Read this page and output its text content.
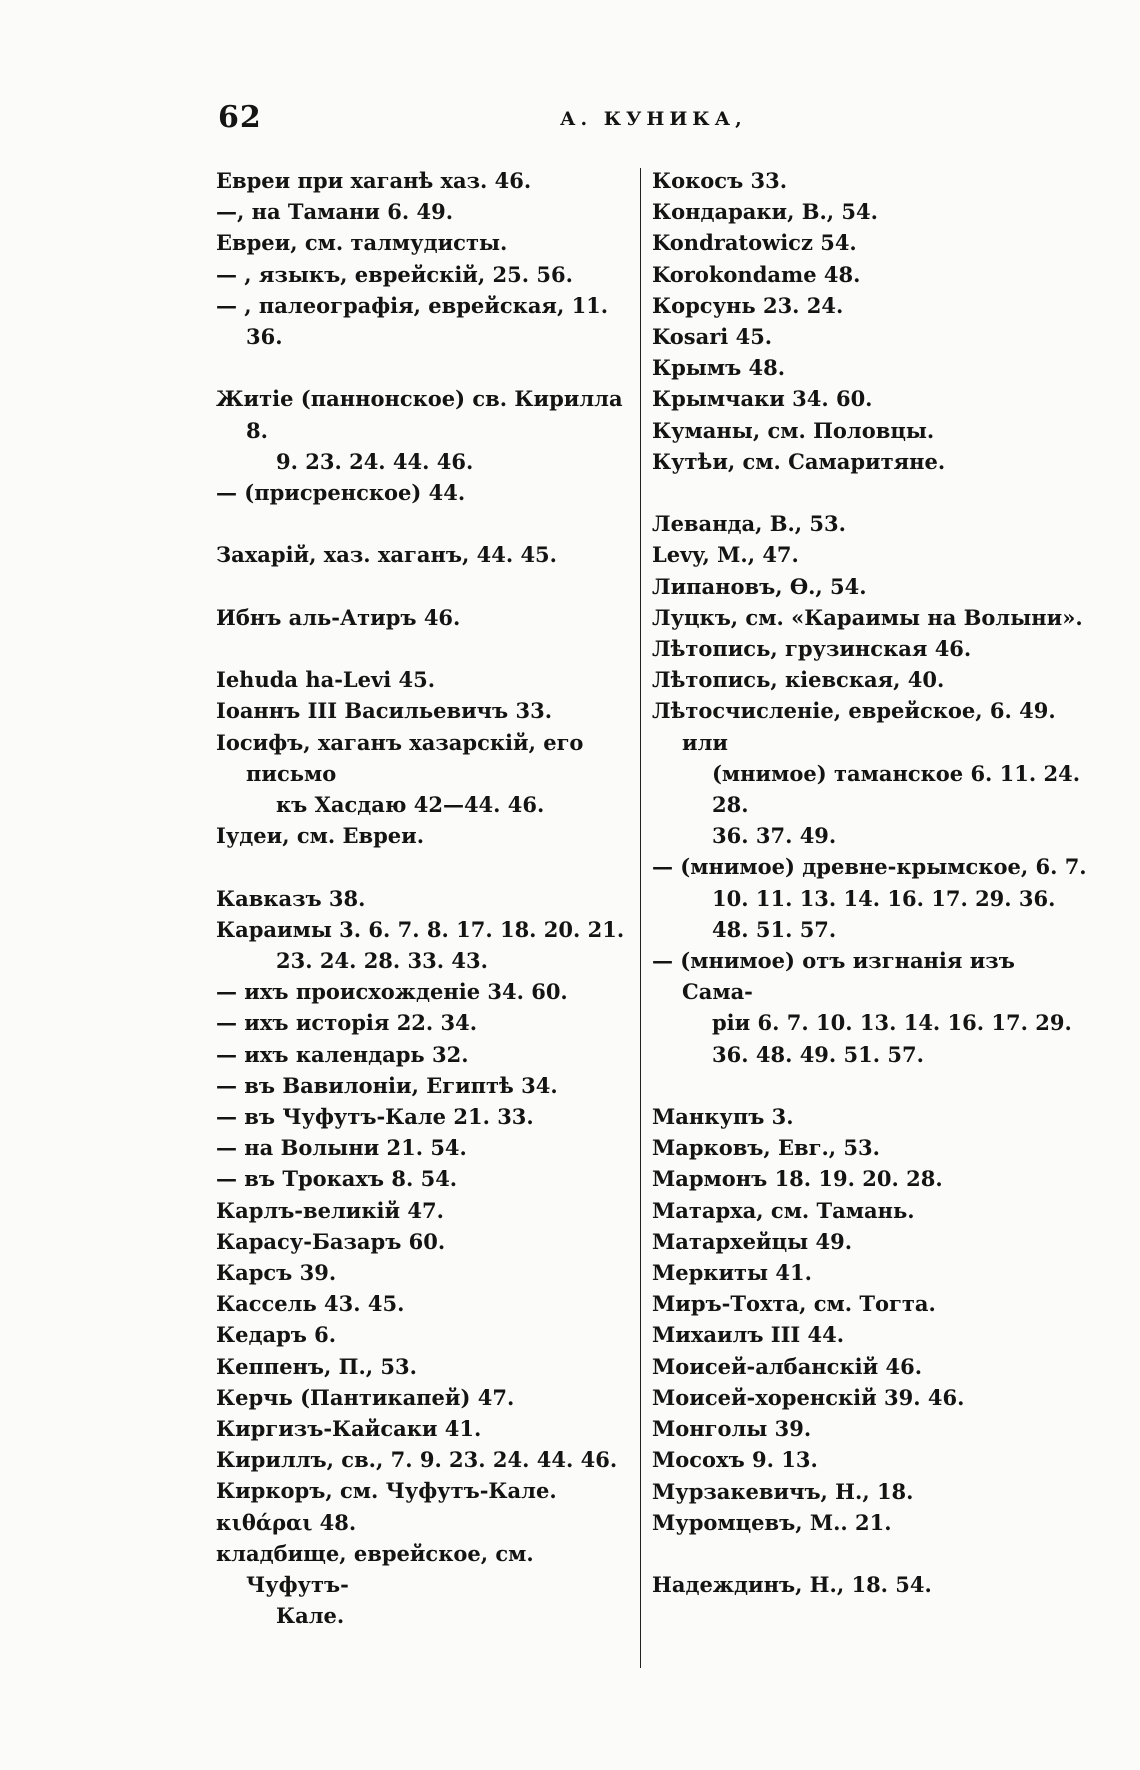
62	А. КУНИКА,

Евреи при хаганѣ хаз. 46.

—, на Тамани 6. 49.

Евреи, см. талмудисты.

— , языкъ, еврейскій, 25. 56.

— , палеографія, еврейская, 11. 36.

Житіе (паннонское) св. Кирилла 8.
9. 23. 24. 44. 46.

— (присренское) 44.

Захарій, хаз. хаганъ, 44. 45.

Ибнъ аль-Атиръ 46.

Iehuda ha-Levi 45.

Іоаннъ III Васильевичъ 33.

Іосифъ, хаганъ хазарскій, его письмо
къ Хасдаю 42—44. 46.

Іудеи, см. Евреи.

Кавказъ 38.

Караимы 3. 6. 7. 8. 17. 18. 20. 21.
23. 24. 28. 33. 43.

— ихъ происхожденіе 34. 60.

— ихъ исторія 22. 34.

— ихъ календарь 32.

— въ Вавилоніи, Египтѣ 34.

— въ Чуфутъ-Кале 21. 33.

— на Волыни 21. 54.

— въ Трокахъ 8. 54.

Карлъ-великій 47.

Карасу-Базаръ 60.

Карсъ 39.

Кассель 43. 45.

Кедаръ 6.

Кеппенъ, П., 53.

Керчь (Пантикапей) 47.

Киргизъ-Кайсаки 41.

Кириллъ, св., 7. 9. 23. 24. 44. 46.

Киркоръ, см. Чуфутъ-Кале.

κιθάραι 48.

кладбище, еврейское, см. Чуфутъ-
Кале.

Кокосъ 33.

Кондараки, В., 54.

Kondratowicz 54.

Korokondame 48.

Корсунь 23. 24.

Kosari 45.

Крымъ 48.

Крымчаки 34. 60.

Куманы, см. Половцы.

Кутѣи, см. Самаритяне.

Леванда, В., 53.

Levy, M., 47.

Липановъ, Ѳ., 54.

Луцкъ, см. «Караимы на Волыни».

Лѣтопись, грузинская 46.

Лѣтопись, кіевская, 40.

Лѣтосчисленіе, еврейское, 6. 49. или
(мнимое) таманское 6. 11. 24. 28.
36. 37. 49.

— (мнимое) древне-крымское, 6. 7.
10. 11. 13. 14. 16. 17. 29. 36.
48. 51. 57.

— (мнимое) отъ изгнанія изъ Сама-
ріи 6. 7. 10. 13. 14. 16. 17. 29.
36. 48. 49. 51. 57.

Манкупъ 3.

Марковъ, Евг., 53.

Мармонъ 18. 19. 20. 28.

Матарха, см. Тамань.

Матархейцы 49.

Меркиты 41.

Миръ-Тохта, см. Тогта.

Михаилъ III 44.

Моисей-албанскій 46.

Моисей-хоренскій 39. 46.

Монголы 39.

Мосохъ 9. 13.

Мурзакевичъ, Н., 18.

Муромцевъ, М.. 21.

Надеждинъ, Н., 18. 54.
